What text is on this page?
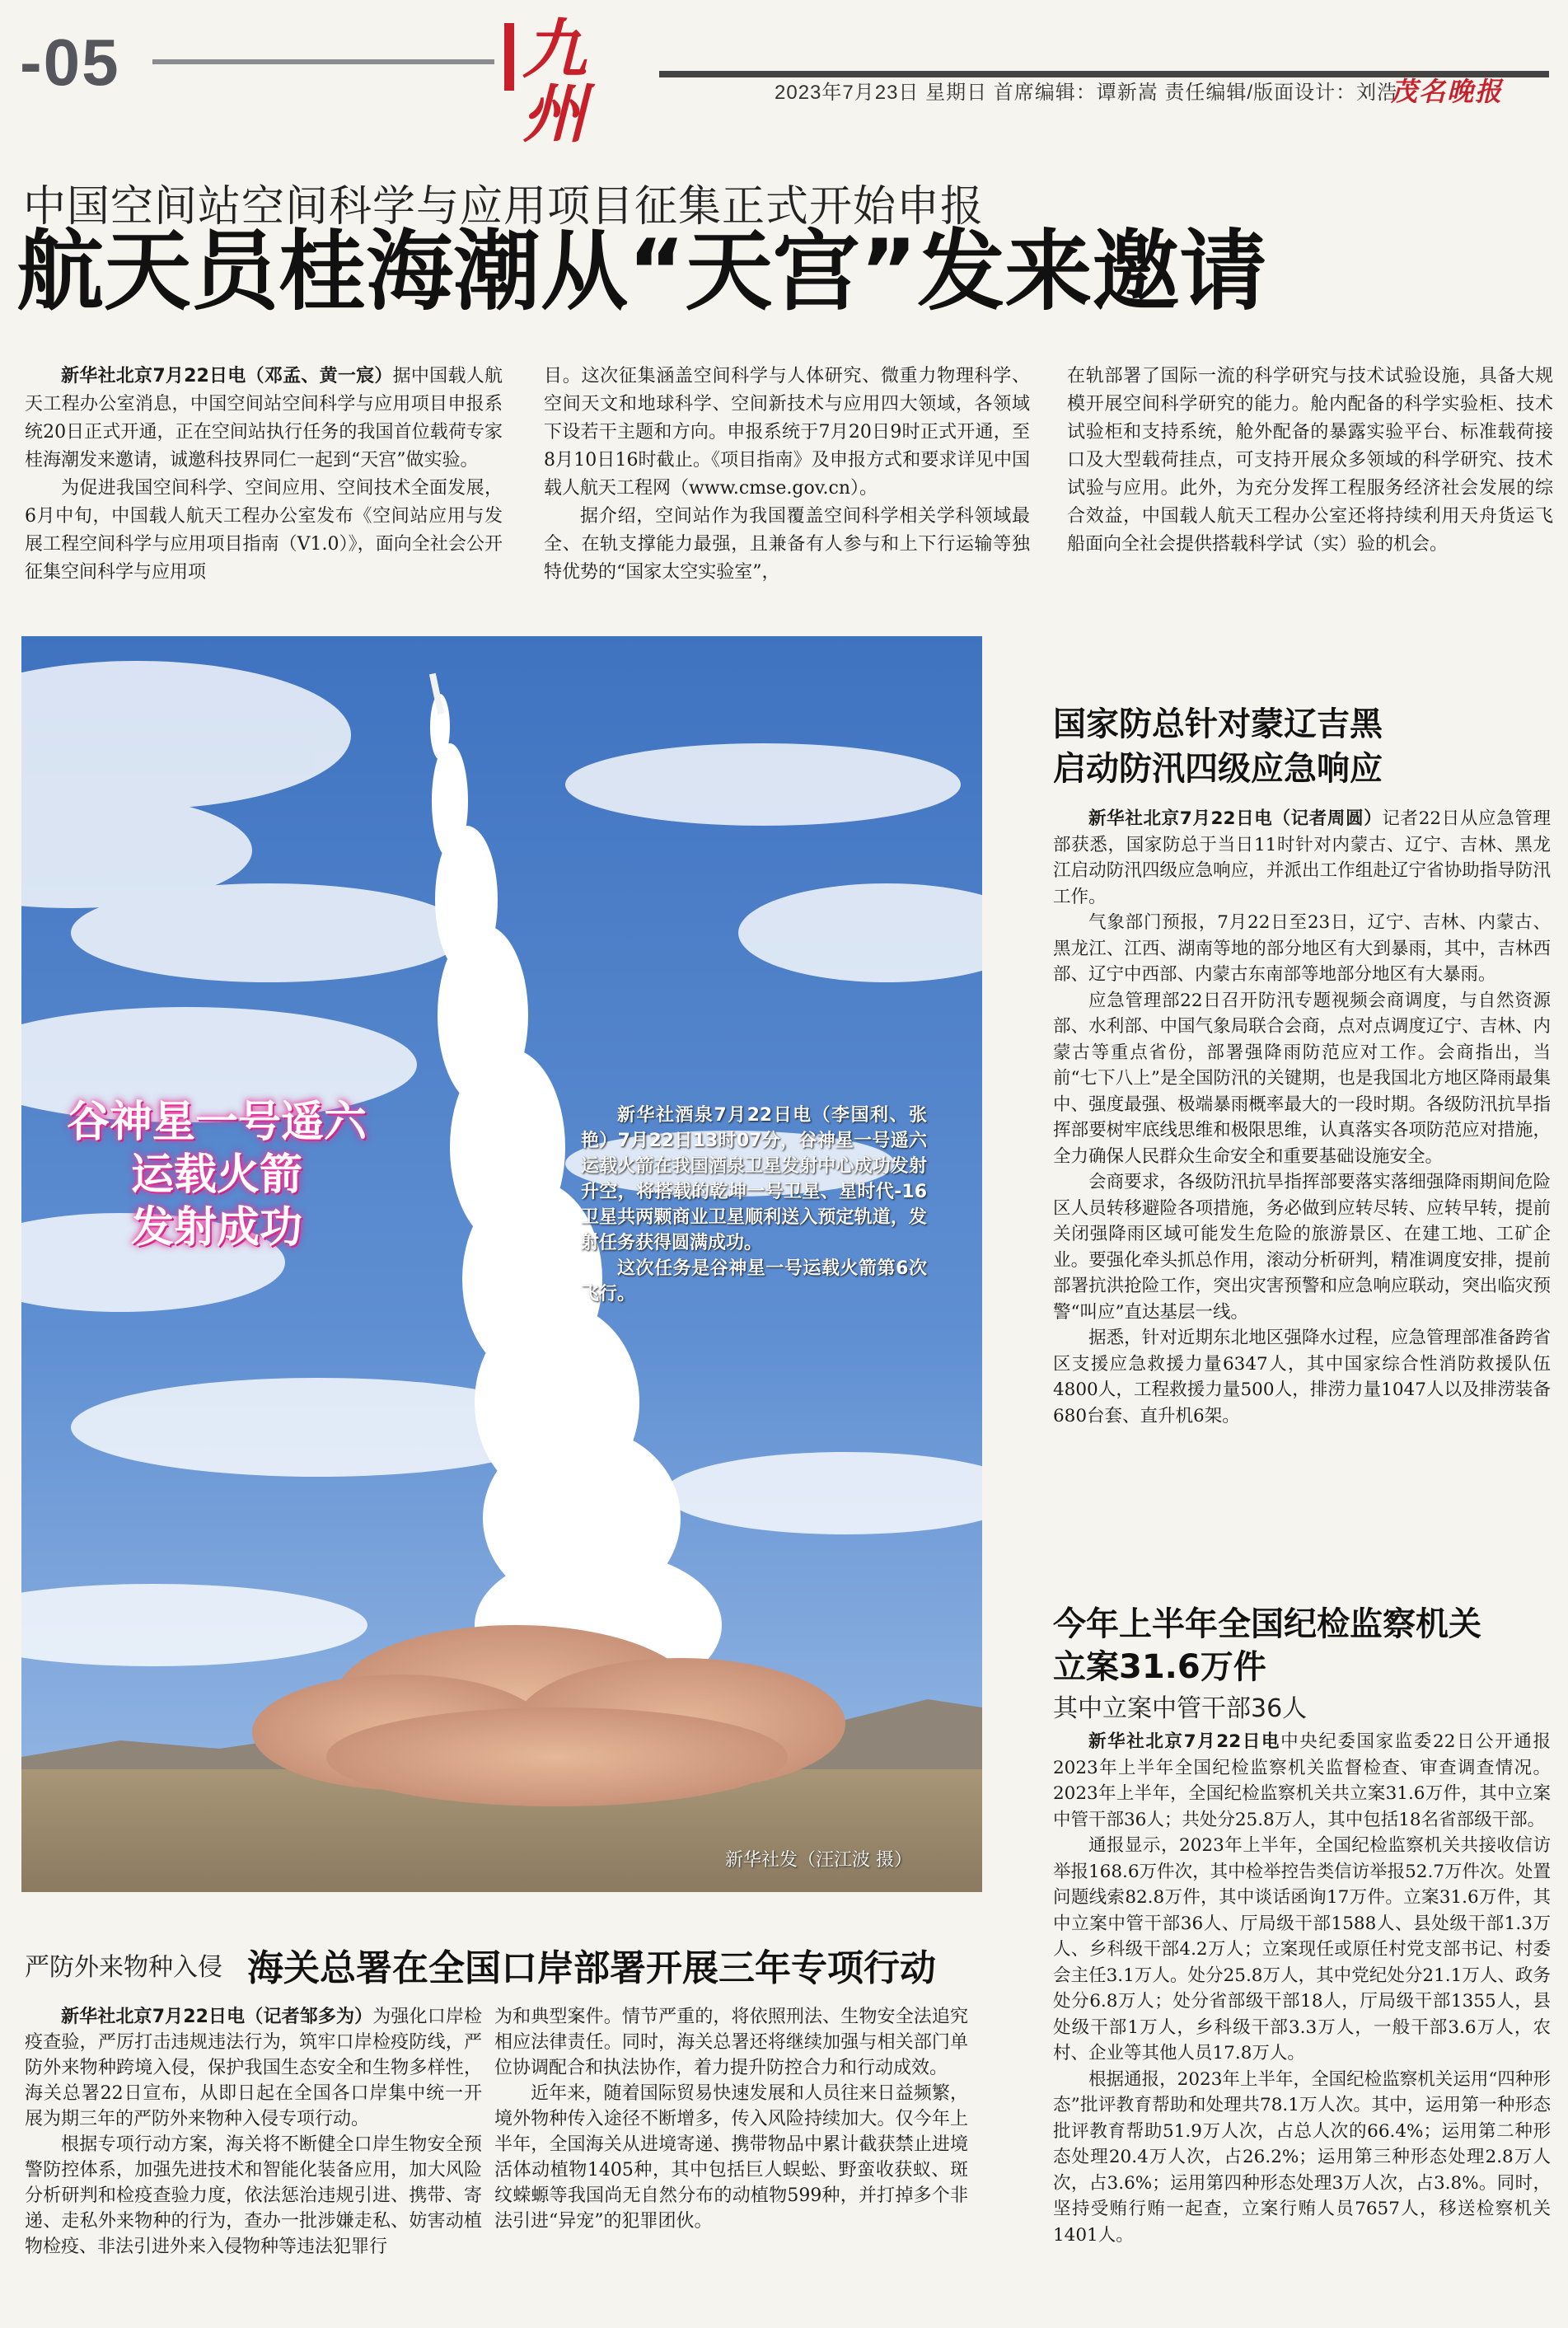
-05	九州	2023年7月23日 星期日 首席编辑：谭新嵩 责任编辑/版面设计：刘浩
茂名晚报
中国空间站空间科学与应用项目征集正式开始申报
航天员桂海潮从“天宫”发来邀请

新华社北京7月22日电（邓孟、黄一宸）据中国载人航天工程办公室消息，中国空间站空间科学与应用项目申报系统20日正式开通，正在空间站执行任务的我国首位载荷专家桂海潮发来邀请，诚邀科技界同仁一起到“天宫”做实验。

为促进我国空间科学、空间应用、空间技术全面发展，6月中旬，中国载人航天工程办公室发布《空间站应用与发展工程空间科学与应用项目指南（V1.0）》，面向全社会公开征集空间科学与应用项

目。这次征集涵盖空间科学与人体研究、微重力物理科学、空间天文和地球科学、空间新技术与应用四大领域，各领域下设若干主题和方向。申报系统于7月20日9时正式开通，至8月10日16时截止。《项目指南》及申报方式和要求详见中国载人航天工程网（www.cmse.gov.cn）。

据介绍，空间站作为我国覆盖空间科学相关学科领域最全、在轨支撑能力最强，且兼备有人参与和上下行运输等独特优势的“国家太空实验室”，

在轨部署了国际一流的科学研究与技术试验设施，具备大规模开展空间科学研究的能力。舱内配备的科学实验柜、技术试验柜和支持系统，舱外配备的暴露实验平台、标准载荷接口及大型载荷挂点，可支持开展众多领域的科学研究、技术试验与应用。此外，为充分发挥工程服务经济社会发展的综合效益，中国载人航天工程办公室还将持续利用天舟货运飞船面向全社会提供搭载科学试（实）验的机会。

谷神星一号遥六
运载火箭
发射成功

新华社酒泉7月22日电（李国利、张艳）7月22日13时07分，谷神星一号遥六运载火箭在我国酒泉卫星发射中心成功发射升空，将搭载的乾坤一号卫星、星时代-16卫星共两颗商业卫星顺利送入预定轨道，发射任务获得圆满成功。

这次任务是谷神星一号运载火箭第6次飞行。

新华社发（汪江波 摄）
国家防总针对蒙辽吉黑
启动防汛四级应急响应

新华社北京7月22日电（记者周圆）记者22日从应急管理部获悉，国家防总于当日11时针对内蒙古、辽宁、吉林、黑龙江启动防汛四级应急响应，并派出工作组赴辽宁省协助指导防汛工作。

气象部门预报，7月22日至23日，辽宁、吉林、内蒙古、黑龙江、江西、湖南等地的部分地区有大到暴雨，其中，吉林西部、辽宁中西部、内蒙古东南部等地部分地区有大暴雨。

应急管理部22日召开防汛专题视频会商调度，与自然资源部、水利部、中国气象局联合会商，点对点调度辽宁、吉林、内蒙古等重点省份，部署强降雨防范应对工作。会商指出，当前“七下八上”是全国防汛的关键期，也是我国北方地区降雨最集中、强度最强、极端暴雨概率最大的一段时期。各级防汛抗旱指挥部要树牢底线思维和极限思维，认真落实各项防范应对措施，全力确保人民群众生命安全和重要基础设施安全。

会商要求，各级防汛抗旱指挥部要落实落细强降雨期间危险区人员转移避险各项措施，务必做到应转尽转、应转早转，提前关闭强降雨区域可能发生危险的旅游景区、在建工地、工矿企业。要强化牵头抓总作用，滚动分析研判，精准调度安排，提前部署抗洪抢险工作，突出灾害预警和应急响应联动，突出临灾预警“叫应”直达基层一线。

据悉，针对近期东北地区强降水过程，应急管理部准备跨省区支援应急救援力量6347人，其中国家综合性消防救援队伍4800人，工程救援力量500人，排涝力量1047人以及排涝装备680台套、直升机6架。

今年上半年全国纪检监察机关
立案31.6万件
其中立案中管干部36人

新华社北京7月22日电中央纪委国家监委22日公开通报2023年上半年全国纪检监察机关监督检查、审查调查情况。2023年上半年，全国纪检监察机关共立案31.6万件，其中立案中管干部36人；共处分25.8万人，其中包括18名省部级干部。

通报显示，2023年上半年，全国纪检监察机关共接收信访举报168.6万件次，其中检举控告类信访举报52.7万件次。处置问题线索82.8万件，其中谈话函询17万件。立案31.6万件，其中立案中管干部36人、厅局级干部1588人、县处级干部1.3万人、乡科级干部4.2万人；立案现任或原任村党支部书记、村委会主任3.1万人。处分25.8万人，其中党纪处分21.1万人、政务处分6.8万人；处分省部级干部18人，厅局级干部1355人，县处级干部1万人，乡科级干部3.3万人，一般干部3.6万人，农村、企业等其他人员17.8万人。

根据通报，2023年上半年，全国纪检监察机关运用“四种形态”批评教育帮助和处理共78.1万人次。其中，运用第一种形态批评教育帮助51.9万人次，占总人次的66.4%；运用第二种形态处理20.4万人次，占26.2%；运用第三种形态处理2.8万人次，占3.6%；运用第四种形态处理3万人次，占3.8%。同时，坚持受贿行贿一起查，立案行贿人员7657人，移送检察机关1401人。

严防外来物种入侵 海关总署在全国口岸部署开展三年专项行动

新华社北京7月22日电（记者邹多为）为强化口岸检疫查验，严厉打击违规违法行为，筑牢口岸检疫防线，严防外来物种跨境入侵，保护我国生态安全和生物多样性，海关总署22日宣布，从即日起在全国各口岸集中统一开展为期三年的严防外来物种入侵专项行动。

根据专项行动方案，海关将不断健全口岸生物安全预警防控体系，加强先进技术和智能化装备应用，加大风险分析研判和检疫查验力度，依法惩治违规引进、携带、寄递、走私外来物种的行为，查办一批涉嫌走私、妨害动植物检疫、非法引进外来入侵物种等违法犯罪行

为和典型案件。情节严重的，将依照刑法、生物安全法追究相应法律责任。同时，海关总署还将继续加强与相关部门单位协调配合和执法协作，着力提升防控合力和行动成效。

近年来，随着国际贸易快速发展和人员往来日益频繁，境外物种传入途径不断增多，传入风险持续加大。仅今年上半年，全国海关从进境寄递、携带物品中累计截获禁止进境活体动植物1405种，其中包括巨人蜈蚣、野蛮收获蚁、斑纹蝾螈等我国尚无自然分布的动植物599种，并打掉多个非法引进“异宠”的犯罪团伙。
